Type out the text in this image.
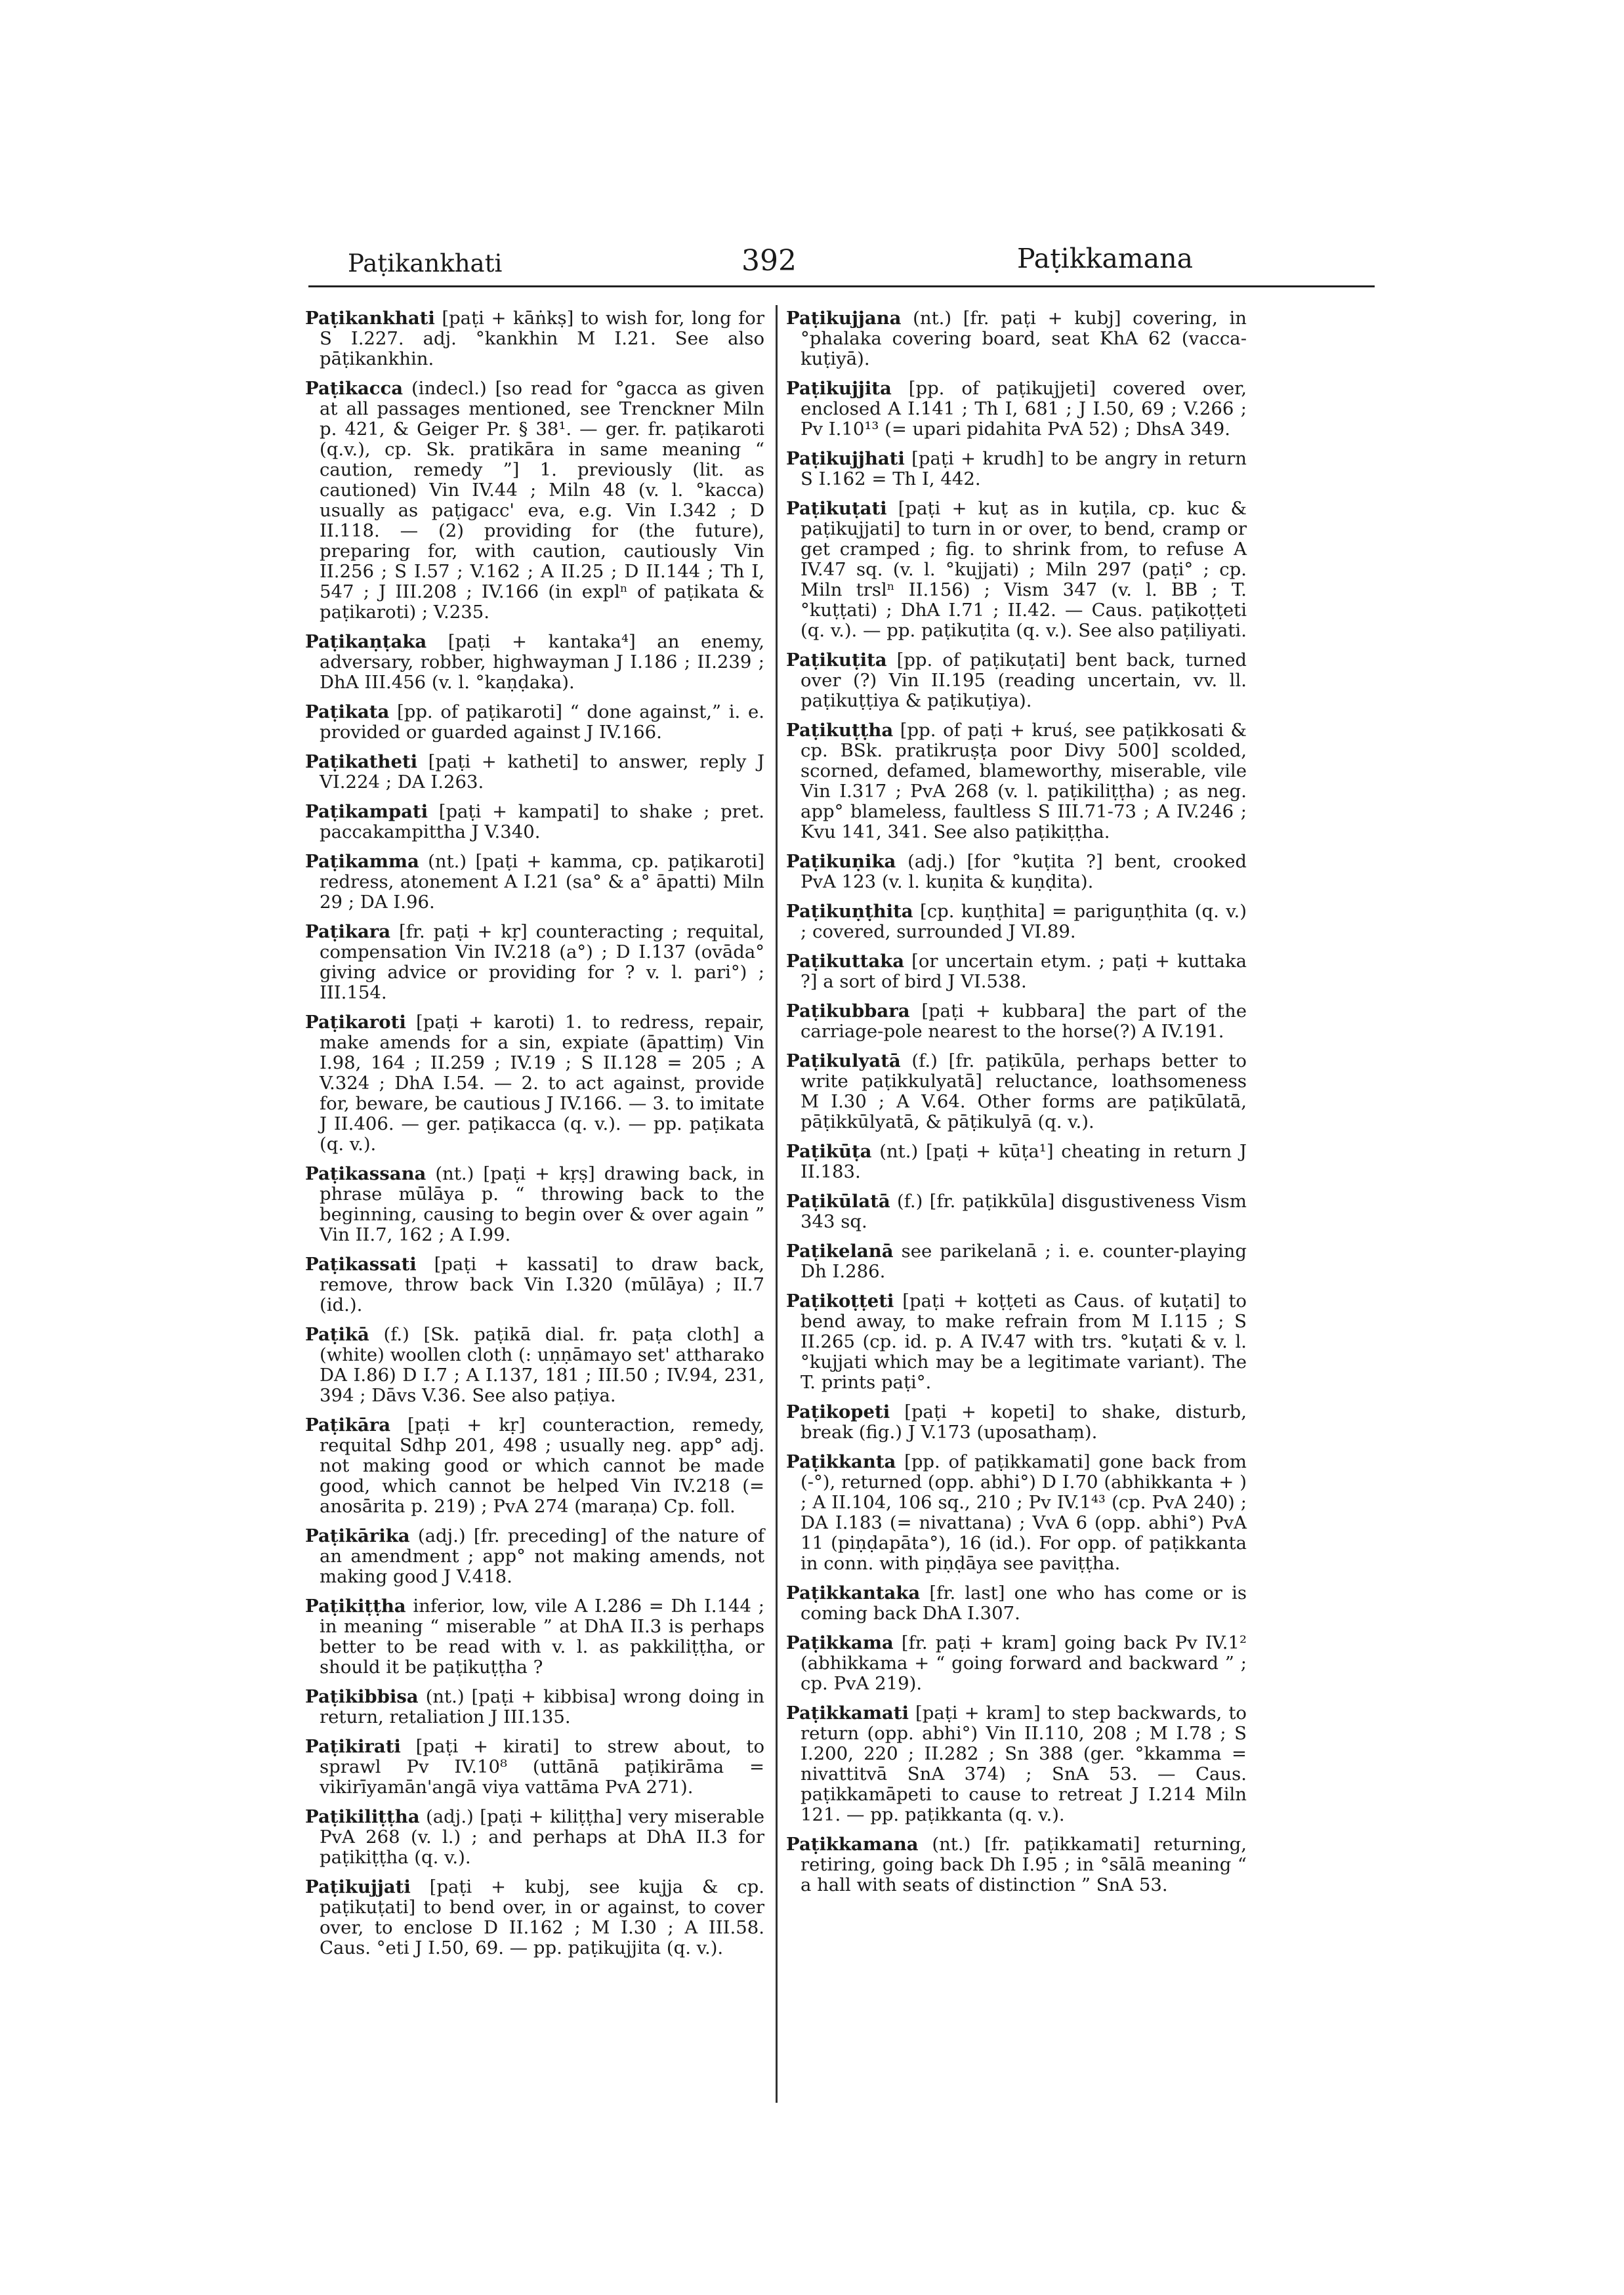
Paṭikankhati	392	Paṭikkamana

Paṭikankhati [paṭi + kāṅkṣ] to wish for, long for S I.227. adj. °kankhin M I.21. See also pāṭikankhin.

Paṭikacca (indecl.) [so read for °gacca as given at all passages mentioned, see Trenckner Miln p. 421, & Geiger Pr. § 38¹. — ger. fr. paṭikaroti (q.v.), cp. Sk. pratikāra in same meaning “ caution, remedy ”] 1. previously (lit. as cautioned) Vin IV.44 ; Miln 48 (v. l. °kacca) usually as paṭigacc' eva, e.g. Vin I.342 ; D II.118. — (2) providing for (the future), preparing for, with caution, cautiously Vin II.256 ; S I.57 ; V.162 ; A II.25 ; D II.144 ; Th I, 547 ; J III.208 ; IV.166 (in explⁿ of paṭikata & paṭikaroti) ; V.235.

Paṭikaṇṭaka [paṭi + kantaka⁴] an enemy, adversary, robber, highwayman J I.186 ; II.239 ; DhA III.456 (v. l. °kaṇḍaka).

Paṭikata [pp. of paṭikaroti] “ done against,” i. e. provided or guarded against J IV.166.

Paṭikatheti [paṭi + katheti] to answer, reply J VI.224 ; DA I.263.

Paṭikampati [paṭi + kampati] to shake ; pret. paccakampittha J V.340.

Paṭikamma (nt.) [paṭi + kamma, cp. paṭikaroti] redress, atonement A I.21 (sa° & a° āpatti) Miln 29 ; DA I.96.

Paṭikara [fr. paṭi + kṛ] counteracting ; requital, compensation Vin IV.218 (a°) ; D I.137 (ovāda° giving advice or providing for ? v. l. pari°) ; III.154.

Paṭikaroti [paṭi + karoti) 1. to redress, repair, make amends for a sin, expiate (āpattiṃ) Vin I.98, 164 ; II.259 ; IV.19 ; S II.128 = 205 ; A V.324 ; DhA I.54. — 2. to act against, provide for, beware, be cautious J IV.166. — 3. to imitate J II.406. — ger. paṭikacca (q. v.). — pp. paṭikata (q. v.).

Paṭikassana (nt.) [paṭi + kṛṣ] drawing back, in phrase mūlāya p. “ throwing back to the beginning, causing to begin over & over again ” Vin II.7, 162 ; A I.99.

Paṭikassati [paṭi + kassati] to draw back, remove, throw back Vin I.320 (mūlāya) ; II.7 (id.).

Paṭikā (f.) [Sk. paṭikā dial. fr. paṭa cloth] a (white) woollen cloth (: uṇṇāmayo set' attharako DA I.86) D I.7 ; A I.137, 181 ; III.50 ; IV.94, 231, 394 ; Dāvs V.36. See also paṭiya.

Paṭikāra [paṭi + kṛ] counteraction, remedy, requital Sdhp 201, 498 ; usually neg. app° adj. not making good or which cannot be made good, which cannot be helped Vin IV.218 (= anosārita p. 219) ; PvA 274 (maraṇa) Cp. foll.

Paṭikārika (adj.) [fr. preceding] of the nature of an amendment ; app° not making amends, not making good J V.418.

Paṭikiṭṭha inferior, low, vile A I.286 = Dh I.144 ; in meaning “ miserable ” at DhA II.3 is perhaps better to be read with v. l. as pakkiliṭṭha, or should it be paṭikuṭṭha ?

Paṭikibbisa (nt.) [paṭi + kibbisa] wrong doing in return, retaliation J III.135.

Paṭikirati [paṭi + kirati] to strew about, to sprawl Pv IV.10⁸ (uttānā paṭikirāma = vikirīyamān'angā viya vattāma PvA 271).

Paṭikiliṭṭha (adj.) [paṭi + kiliṭṭha] very miserable PvA 268 (v. l.) ; and perhaps at DhA II.3 for paṭikiṭṭha (q. v.).

Paṭikujjati [paṭi + kubj, see kujja & cp. paṭikuṭati] to bend over, in or against, to cover over, to enclose D II.162 ; M I.30 ; A III.58. Caus. °eti J I.50, 69. — pp. paṭikujjita (q. v.).

Paṭikujjana (nt.) [fr. paṭi + kubj] covering, in °phalaka covering board, seat KhA 62 (vacca-kuṭiyā).

Paṭikujjita [pp. of paṭikujjeti] covered over, enclosed A I.141 ; Th I, 681 ; J I.50, 69 ; V.266 ; Pv I.10¹³ (= upari pidahita PvA 52) ; DhsA 349.

Paṭikujjhati [paṭi + krudh] to be angry in return S I.162 = Th I, 442.

Paṭikuṭati [paṭi + kuṭ as in kuṭila, cp. kuc & paṭikujjati] to turn in or over, to bend, cramp or get cramped ; fig. to shrink from, to refuse A IV.47 sq. (v. l. °kujjati) ; Miln 297 (paṭi° ; cp. Miln trslⁿ II.156) ; Vism 347 (v. l. BB ; T. °kuṭṭati) ; DhA I.71 ; II.42. — Caus. paṭikoṭṭeti (q. v.). — pp. paṭikuṭita (q. v.). See also paṭiliyati.

Paṭikuṭita [pp. of paṭikuṭati] bent back, turned over (?) Vin II.195 (reading uncertain, vv. ll. paṭikuṭṭiya & paṭikuṭiya).

Paṭikuṭṭha [pp. of paṭi + kruś, see paṭikkosati & cp. BSk. pratikruṣṭa poor Divy 500] scolded, scorned, defamed, blameworthy, miserable, vile Vin I.317 ; PvA 268 (v. l. paṭikiliṭṭha) ; as neg. app° blameless, faultless S III.71-73 ; A IV.246 ; Kvu 141, 341. See also paṭikiṭṭha.

Paṭikuṇika (adj.) [for °kuṭita ?] bent, crooked PvA 123 (v. l. kuṇita & kuṇḍita).

Paṭikuṇṭhita [cp. kuṇṭhita] = pariguṇṭhita (q. v.) ; covered, surrounded J VI.89.

Paṭikuttaka [or uncertain etym. ; paṭi + kuttaka ?] a sort of bird J VI.538.

Paṭikubbara [paṭi + kubbara] the part of the carriage-pole nearest to the horse(?) A IV.191.

Paṭikulyatā (f.) [fr. paṭikūla, perhaps better to write paṭikkulyatā] reluctance, loathsomeness M I.30 ; A V.64. Other forms are paṭikūlatā, pāṭikkūlyatā, & pāṭikulyā (q. v.).

Paṭikūṭa (nt.) [paṭi + kūṭa¹] cheating in return J II.183.

Paṭikūlatā (f.) [fr. paṭikkūla] disgustiveness Vism 343 sq.

Paṭikelanā see parikelanā ; i. e. counter-playing Dh I.286.

Paṭikoṭṭeti [paṭi + koṭṭeti as Caus. of kuṭati] to bend away, to make refrain from M I.115 ; S II.265 (cp. id. p. A IV.47 with trs. °kuṭati & v. l. °kujjati which may be a legitimate variant). The T. prints paṭi°.

Paṭikopeti [paṭi + kopeti] to shake, disturb, break (fig.) J V.173 (uposathaṃ).

Paṭikkanta [pp. of paṭikkamati] gone back from (-°), returned (opp. abhi°) D I.70 (abhikkanta + ) ; A II.104, 106 sq., 210 ; Pv IV.1⁴³ (cp. PvA 240) ; DA I.183 (= nivattana) ; VvA 6 (opp. abhi°) PvA 11 (piṇḍapāta°), 16 (id.). For opp. of paṭikkanta in conn. with piṇḍāya see paviṭṭha.

Paṭikkantaka [fr. last] one who has come or is coming back DhA I.307.

Paṭikkama [fr. paṭi + kram] going back Pv IV.1² (abhikkama + “ going forward and backward ” ; cp. PvA 219).

Paṭikkamati [paṭi + kram] to step backwards, to return (opp. abhi°) Vin II.110, 208 ; M I.78 ; S I.200, 220 ; II.282 ; Sn 388 (ger. °kkamma = nivattitvā SnA 374) ; SnA 53. — Caus. paṭikkamāpeti to cause to retreat J I.214 Miln 121. — pp. paṭikkanta (q. v.).

Paṭikkamana (nt.) [fr. paṭikkamati] returning, retiring, going back Dh I.95 ; in °sālā meaning “ a hall with seats of distinction ” SnA 53.
